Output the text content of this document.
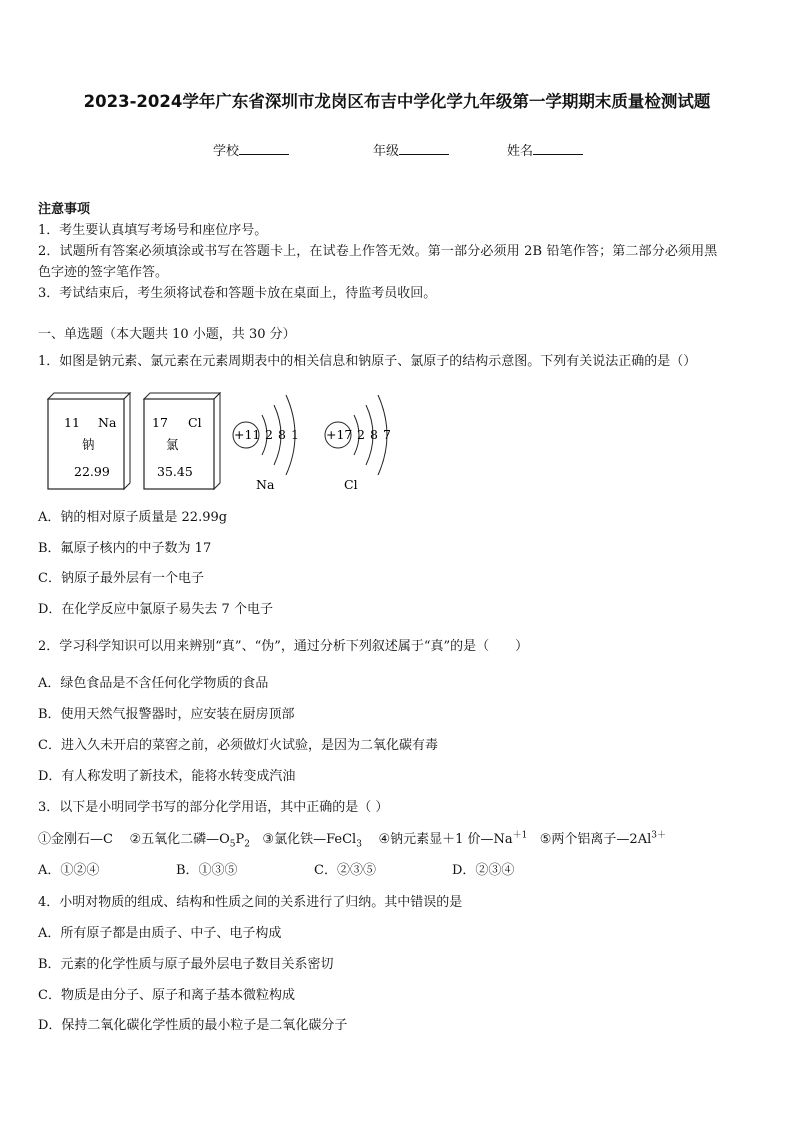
2023-2024学年广东省深圳市龙岗区布吉中学化学九年级第一学期期末质量检测试题
学校	年级	姓名
注意事项
1．考生要认真填写考场号和座位序号。
2．试题所有答案必须填涂或书写在答题卡上，在试卷上作答无效。第一部分必须用 2B 铅笔作答；第二部分必须用黑
色字迹的签字笔作答。
3．考试结束后，考生须将试卷和答题卡放在桌面上，待监考员收回。
一、单选题（本大题共 10 小题，共 30 分）
1．如图是钠元素、氯元素在元素周期表中的相关信息和钠原子、氯原子的结构示意图。下列有关说法正确的是（）
11 Na
钠
22.99
17 Cl
氯
35.45
+11 2 8 1
Na
+17 2 8 7
Cl
A．钠的相对原子质量是 22.99g
B．氟原子核内的中子数为 17
C．钠原子最外层有一个电子
D．在化学反应中氯原子易失去 7 个电子
2．学习科学知识可以用来辨别“真”、“伪”，通过分析下列叙述属于“真”的是（　　）
A．绿色食品是不含任何化学物质的食品
B．使用天然气报警器时，应安装在厨房顶部
C．进入久未开启的菜窖之前，必须做灯火试验，是因为二氧化碳有毒
D．有人称发明了新技术，能将水转变成汽油
3．以下是小明同学书写的部分化学用语，其中正确的是（ ）
①金刚石—C ②五氧化二磷$—O_5P_2$ ③氯化铁—FeCl$_3$ ④钠元素显＋1 价$—Na^{+1}$ ⑤两个铝离子$—2Al^{3+}$
A．①②④	B．①③⑤	C．②③⑤	D．②③④
4．小明对物质的组成、结构和性质之间的关系进行了归纳。其中错误的是
A．所有原子都是由质子、中子、电子构成
B．元素的化学性质与原子最外层电子数目关系密切
C．物质是由分子、原子和离子基本微粒构成
D．保持二氧化碳化学性质的最小粒子是二氧化碳分子
